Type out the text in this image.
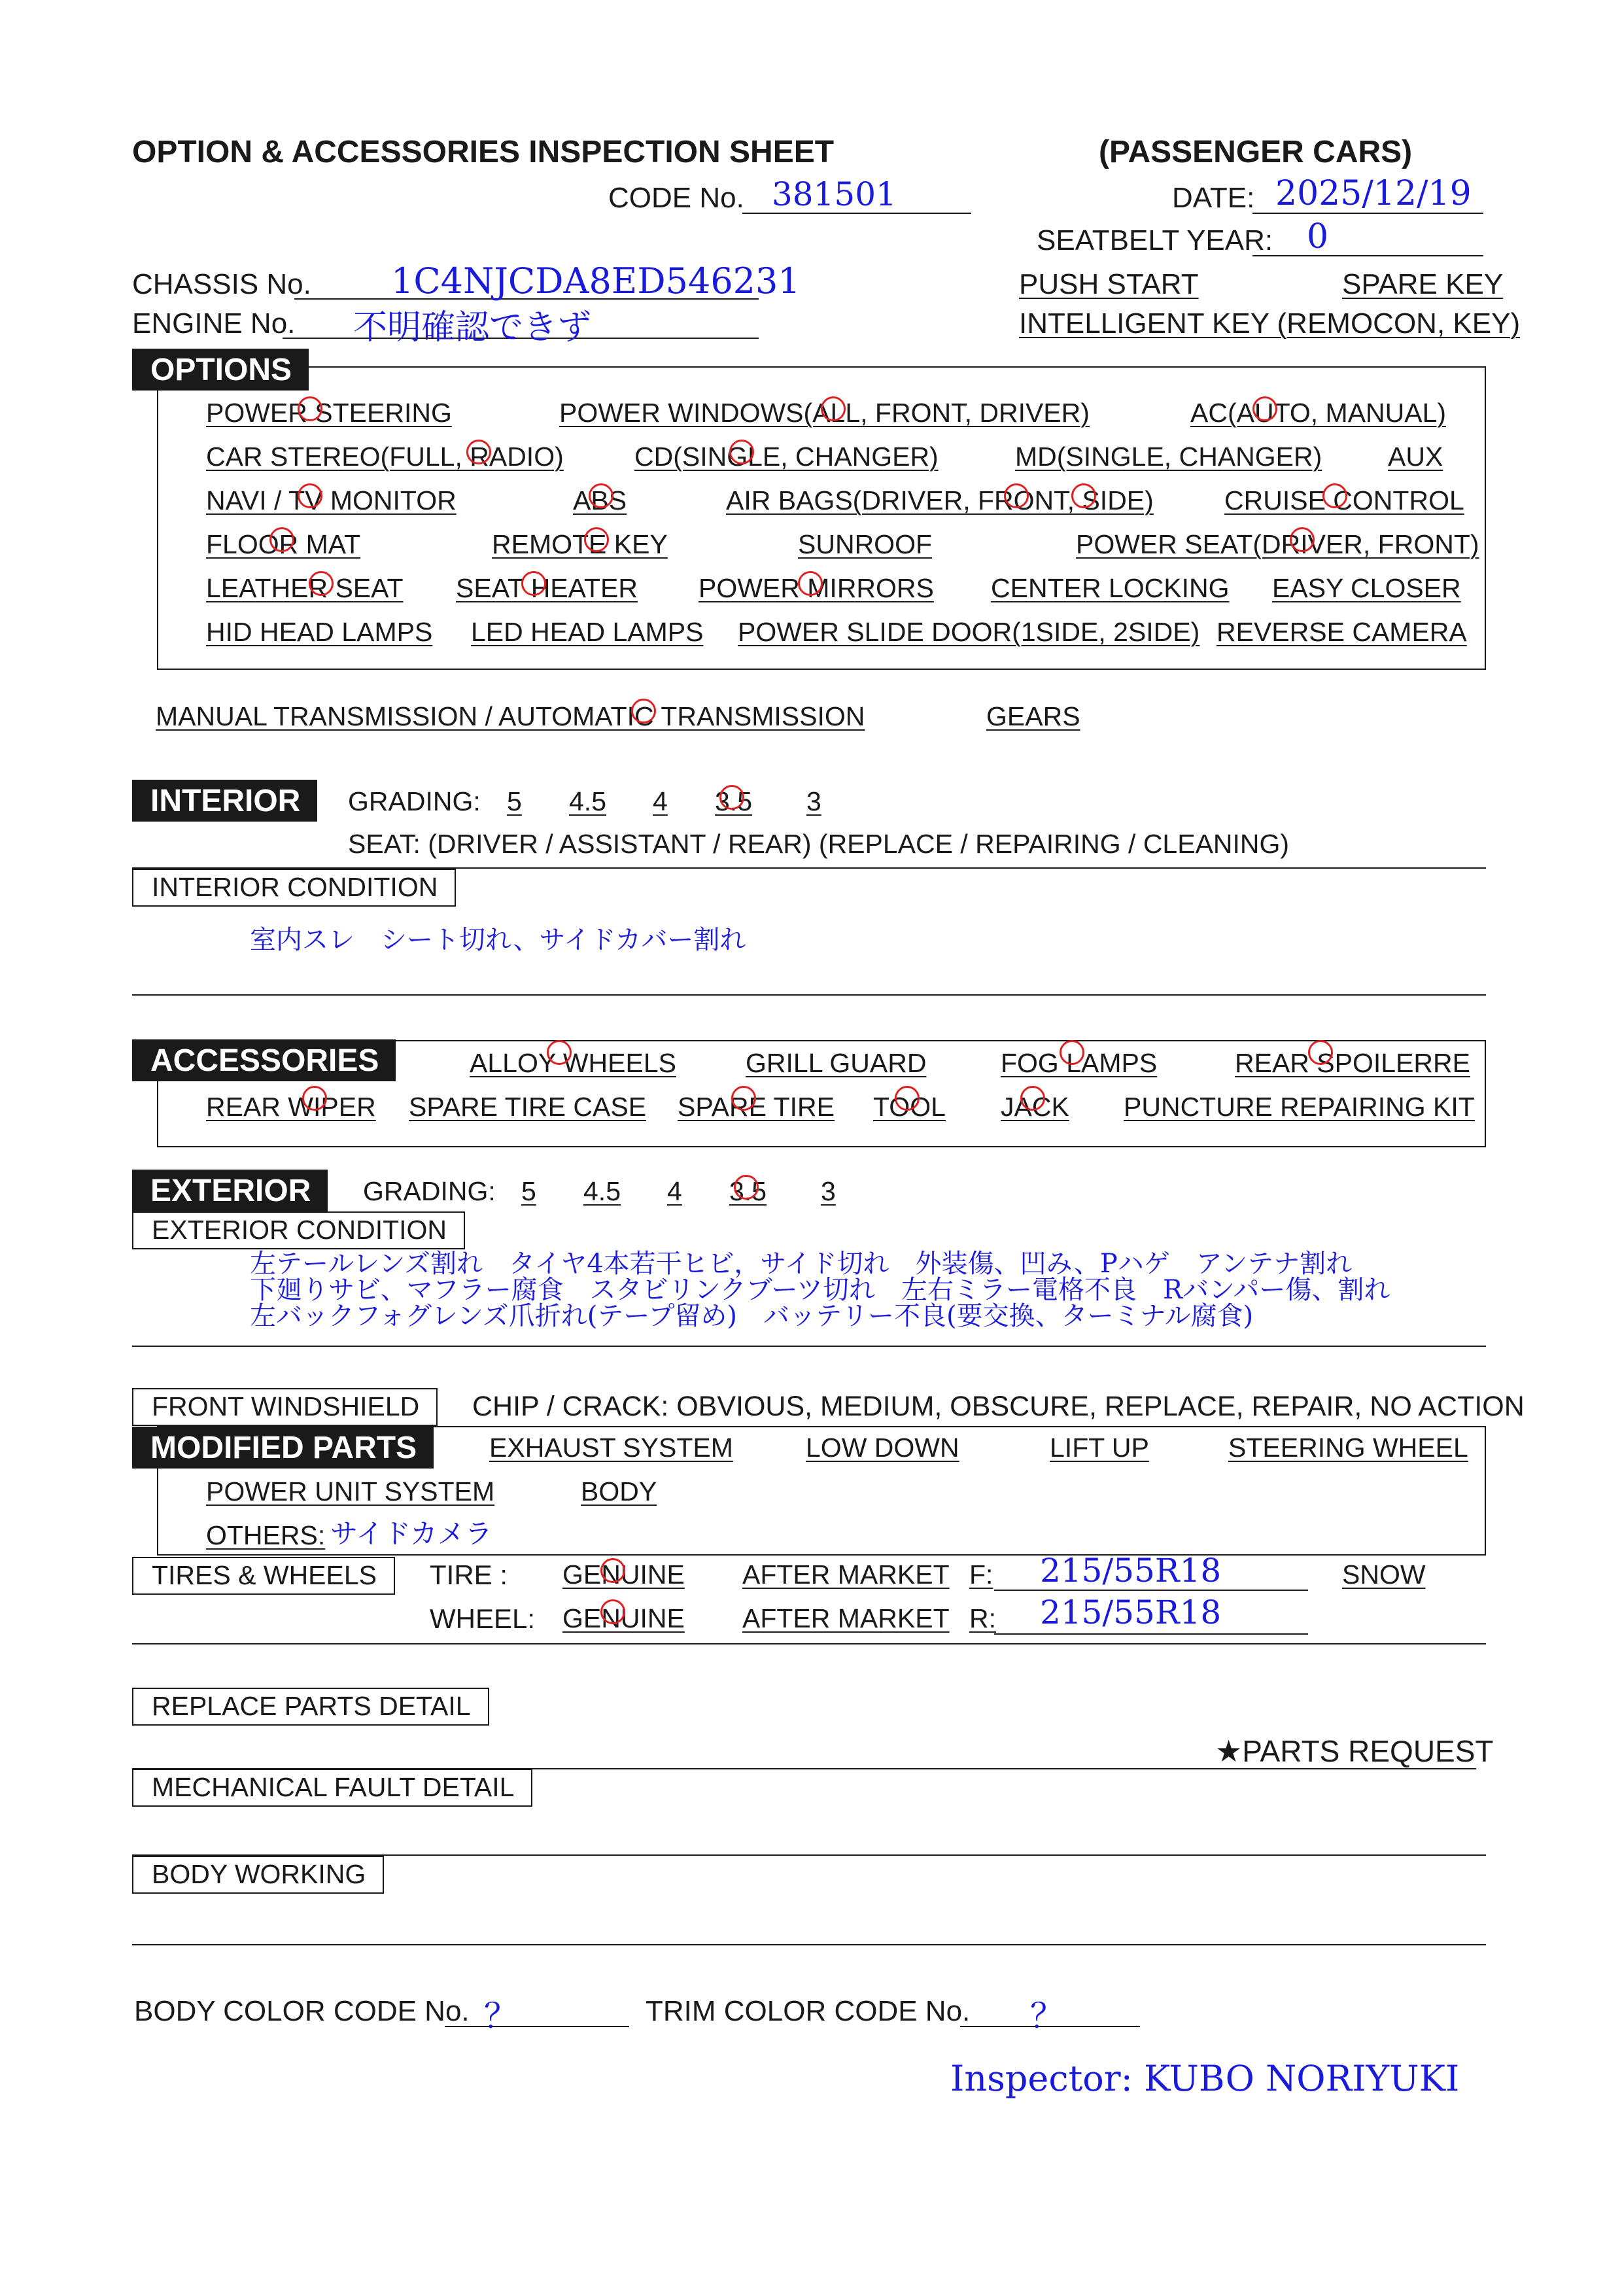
OPTION & ACCESSORIES INSPECTION SHEET	(PASSENGER CARS)
CODE No. 381501	DATE: 2025/12/19
SEATBELT YEAR: 0
CHASSIS No. 1C4NJCDA8ED546231
ENGINE No. 不明確認できず
PUSH START	SPARE KEY
INTELLIGENT KEY (REMOCON, KEY)
OPTIONS
POWER STEERING	POWER WINDOWS(ALL, FRONT, DRIVER)	AC(AUTO, MANUAL)
CAR STEREO(FULL, RADIO)	CD(SINGLE, CHANGER)	MD(SINGLE, CHANGER) AUX
NAVI / TV MONITOR	ABS	AIR BAGS(DRIVER, FRONT, SIDE)	CRUISE CONTROL
FLOOR MAT	REMOTE KEY	SUNROOF	POWER SEAT(DRIVER, FRONT)
LEATHER SEAT SEAT HEATER POWER MIRRORS CENTER LOCKING EASY CLOSER
HID HEAD LAMPS LED HEAD LAMPS POWER SLIDE DOOR(1SIDE, 2SIDE) REVERSE CAMERA
MANUAL TRANSMISSION / AUTOMATIC TRANSMISSION	GEARS
INTERIOR	GRADING: 5 4.5 4 3.5 3
SEAT: (DRIVER / ASSISTANT / REAR) (REPLACE / REPAIRING / CLEANING)
INTERIOR CONDITION
室内スレ　シート切れ、サイドカバー割れ
ACCESSORIES	ALLOY WHEELS	GRILL GUARD	FOG LAMPS	REAR SPOILERRE
REAR WIPER SPARE TIRE CASE SPARE TIRE TOOL JACK PUNCTURE REPAIRING KIT
EXTERIOR	GRADING: 5 4.5 4 3.5 3
EXTERIOR CONDITION
左テールレンズ割れ　タイヤ4本若干ヒビ，サイド切れ　外装傷、凹み、Pハゲ　アンテナ割れ
下廻りサビ、マフラー腐食　スタビリンクブーツ切れ　左右ミラー電格不良　Rバンパー傷、割れ
左バックフォグレンズ爪折れ(テープ留め)　バッテリー不良(要交換、ターミナル腐食)
FRONT WINDSHIELD	CHIP / CRACK: OBVIOUS, MEDIUM, OBSCURE, REPLACE, REPAIR, NO ACTION
MODIFIED PARTS	EXHAUST SYSTEM	LOW DOWN	LIFT UP	STEERING WHEEL
POWER UNIT SYSTEM	BODY
OTHERS: サイドカメラ
TIRES & WHEELS	TIRE : GENUINE AFTER MARKET F: 215/55R18	SNOW
WHEEL: GENUINE AFTER MARKET R: 215/55R18
REPLACE PARTS DETAIL
★PARTS REQUEST
MECHANICAL FAULT DETAIL
BODY WORKING
BODY COLOR CODE No. ？	TRIM COLOR CODE No. ？
Inspector: KUBO NORIYUKI
